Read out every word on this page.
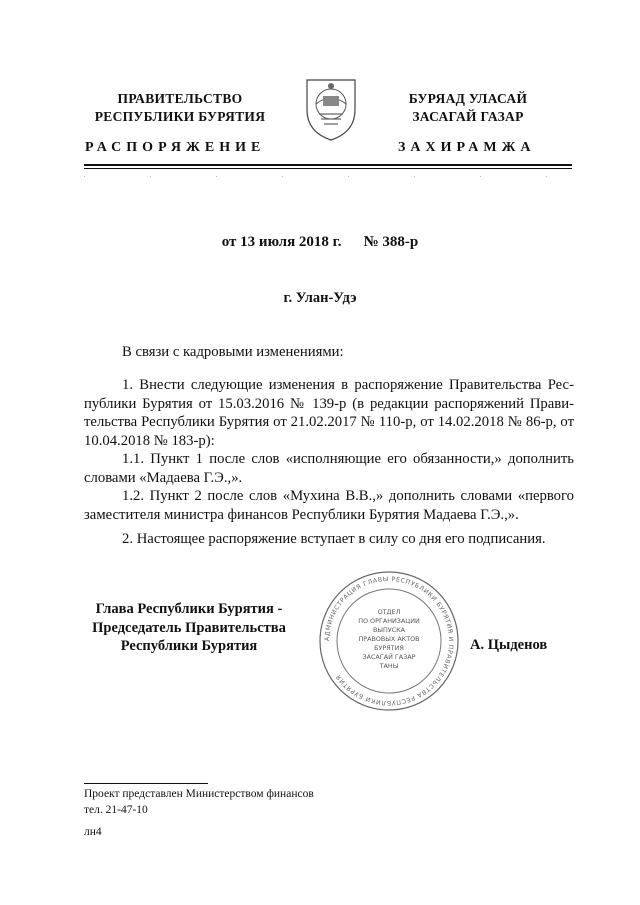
ПРАВИТЕЛЬСТВО
РЕСПУБЛИКИ БУРЯТИЯ
БУРЯАД УЛАСАЙ
ЗАСАГАЙ ГАЗАР
РАСПОРЯЖЕНИЕ	ЗАХИРАМЖА
от 13 июля 2018 г. № 388-р
г. Улан-Удэ

В связи с кадровыми изменениями:

1. Внести следующие изменения в распоряжение Правительства Республики Бурятия от 15.03.2016 № 139-р (в редакции распоряжений Правительства Республики Бурятия от 21.02.2017 № 110-р, от 14.02.2018 № 86-р, от 10.04.2018 № 183-р):

1.1. Пункт 1 после слов «исполняющие его обязанности,» дополнить словами «Мадаева Г.Э.,».

1.2. Пункт 2 после слов «Мухина В.В.,» дополнить словами «первого заместителя министра финансов Республики Бурятия Мадаева Г.Э.,».

2. Настоящее распоряжение вступает в силу со дня его подписания.

Глава Республики Бурятия -
Председатель Правительства
Республики Бурятия	АДМИНИСТРАЦИЯ ГЛАВЫ РЕСПУБЛИКИ БУРЯТИЯ И ПРАВИТЕЛЬСТВА РЕСПУБЛИКИ БУРЯТИЯ
ОТДЕЛ
ПО ОРГАНИЗАЦИИ
ВЫПУСКА
ПРАВОВЫХ АКТОВ
БУРЯТИЯ
ЗАСАГАЙ ГАЗАР
ТАНЫ
А. Цыденов
Проект представлен Министерством финансов
тел. 21-47-10
лн4
